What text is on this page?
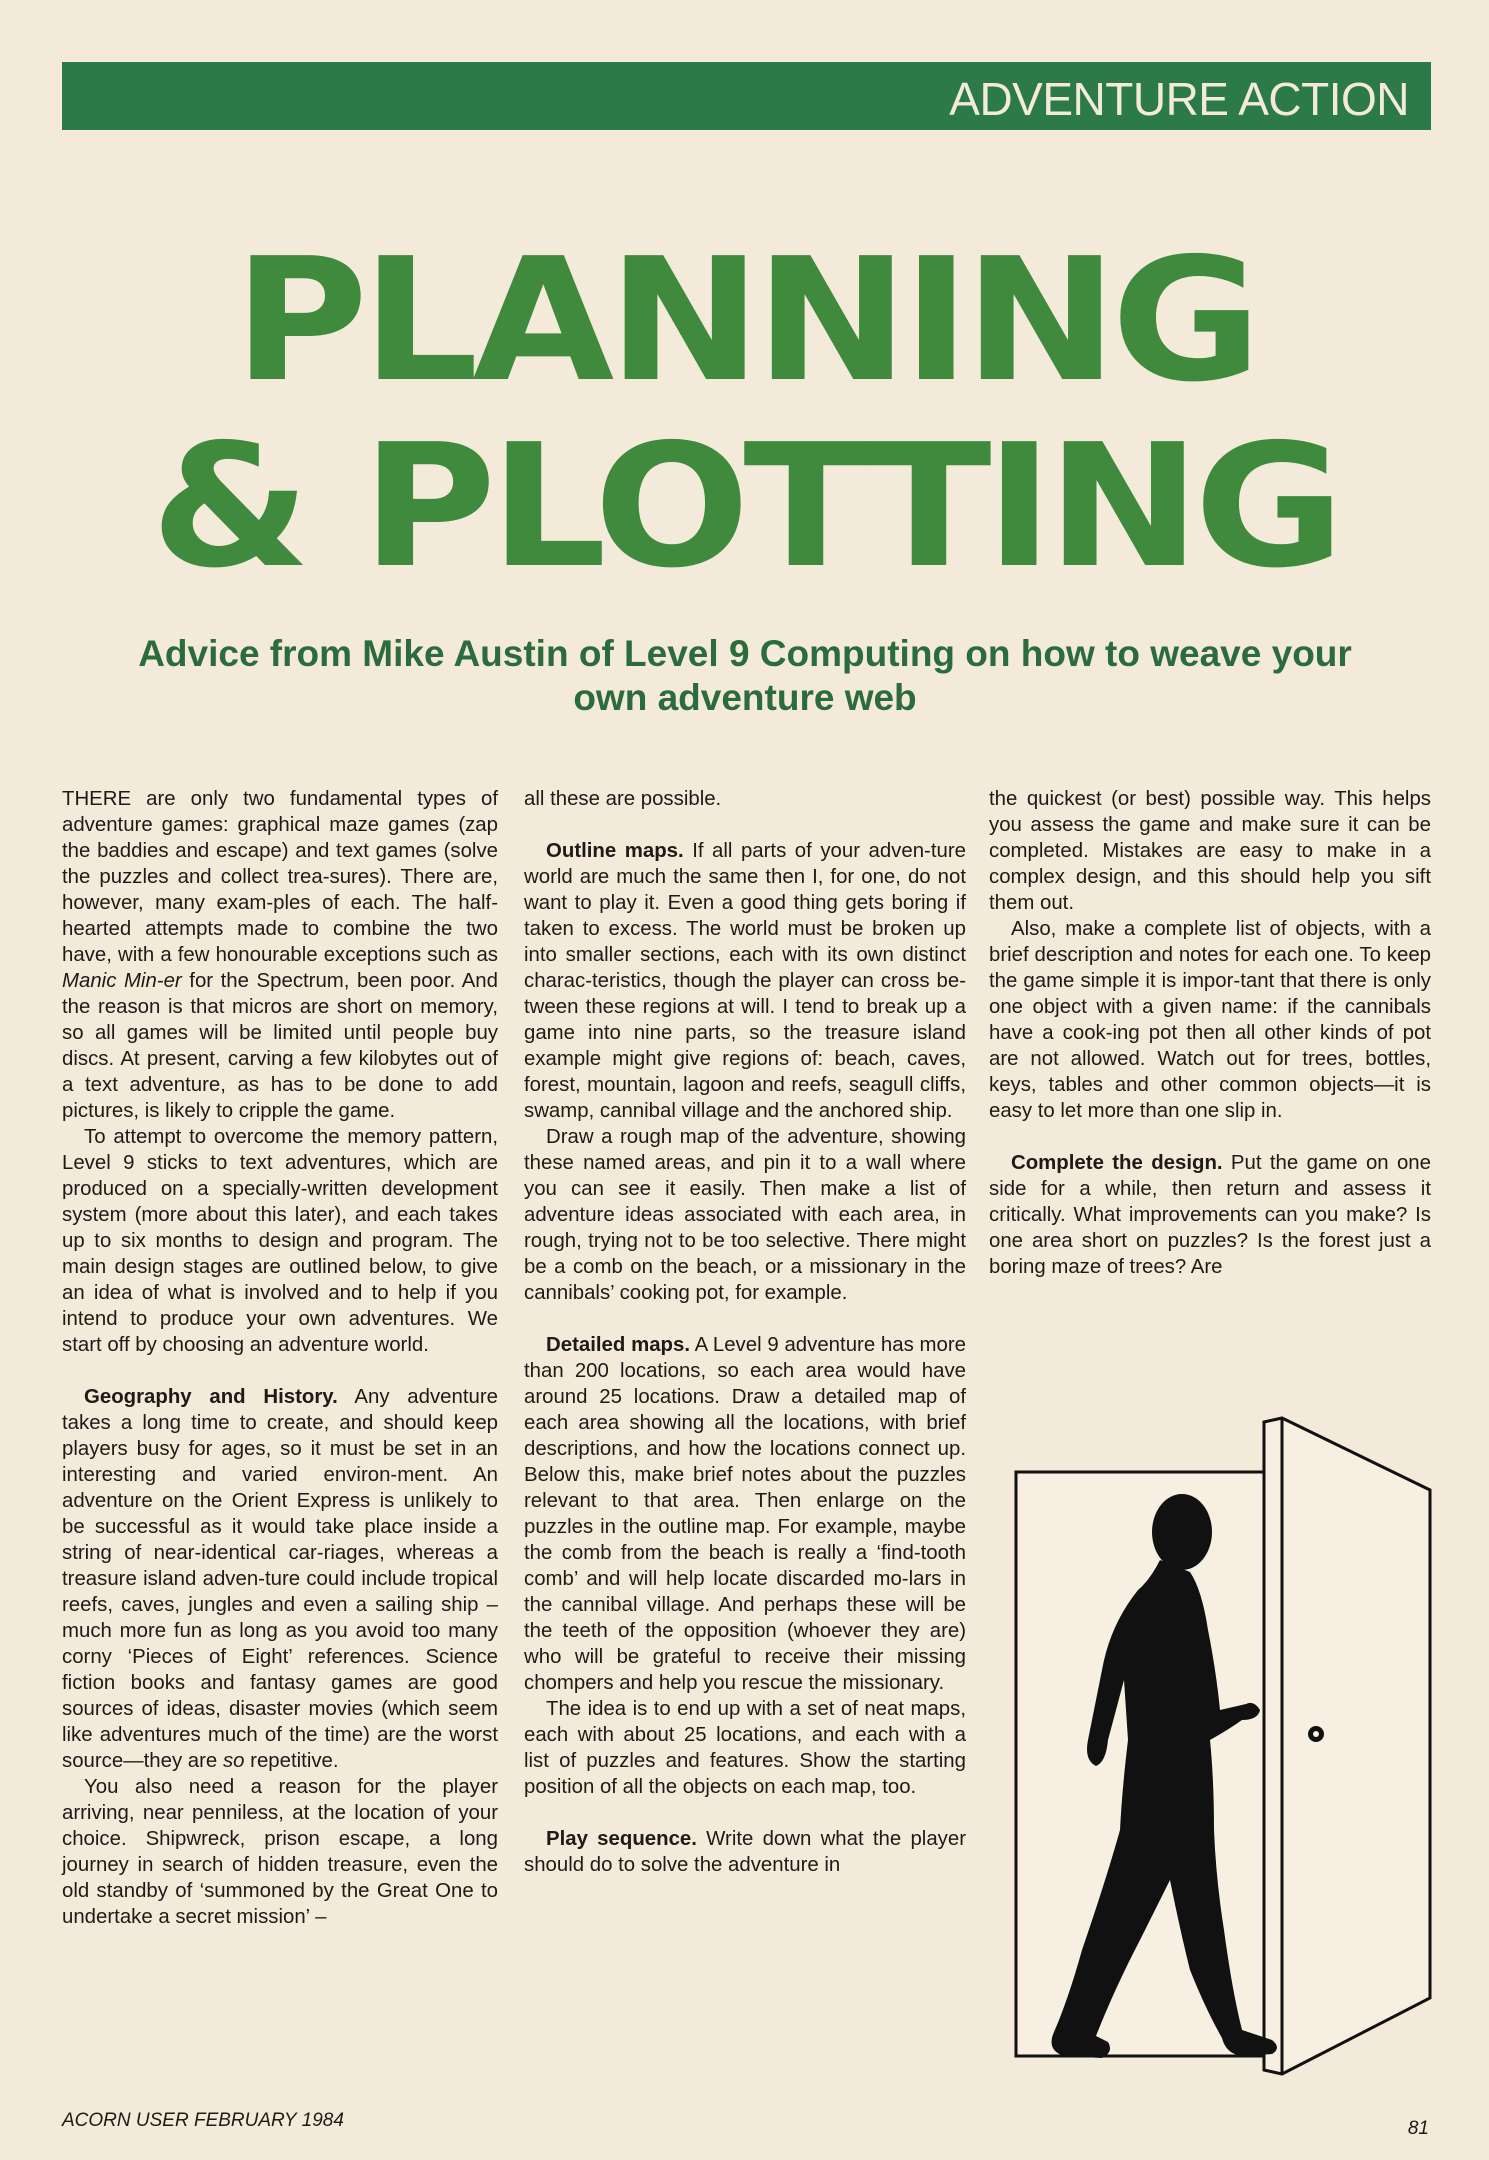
ADVENTURE ACTION
PLANNING
& PLOTTING
Advice from Mike Austin of Level 9 Computing on how to weave your own adventure web

THERE are only two fundamental types of adventure games: graphical maze games (zap the baddies and escape) and text games (solve the puzzles and collect trea-sures). There are, however, many exam-ples of each. The half-hearted attempts made to combine the two have, with a few honourable exceptions such as Manic Min-er for the Spectrum, been poor. And the reason is that micros are short on memory, so all games will be limited until people buy discs. At present, carving a few kilobytes out of a text adventure, as has to be done to add pictures, is likely to cripple the game.

To attempt to overcome the memory pattern, Level 9 sticks to text adventures, which are produced on a specially-written development system (more about this later), and each takes up to six months to design and program. The main design stages are outlined below, to give an idea of what is involved and to help if you intend to produce your own adventures. We start off by choosing an adventure world.

Geography and History. Any adventure takes a long time to create, and should keep players busy for ages, so it must be set in an interesting and varied environ-ment. An adventure on the Orient Express is unlikely to be successful as it would take place inside a string of near-identical car-riages, whereas a treasure island adven-ture could include tropical reefs, caves, jungles and even a sailing ship – much more fun as long as you avoid too many corny ‘Pieces of Eight’ references. Science fiction books and fantasy games are good sources of ideas, disaster movies (which seem like adventures much of the time) are the worst source—they are so repetitive.

You also need a reason for the player arriving, near penniless, at the location of your choice. Shipwreck, prison escape, a long journey in search of hidden treasure, even the old standby of ‘summoned by the Great One to undertake a secret mission’ –

all these are possible.

Outline maps. If all parts of your adven-ture world are much the same then I, for one, do not want to play it. Even a good thing gets boring if taken to excess. The world must be broken up into smaller sections, each with its own distinct charac-teristics, though the player can cross be-tween these regions at will. I tend to break up a game into nine parts, so the treasure island example might give regions of: beach, caves, forest, mountain, lagoon and reefs, seagull cliffs, swamp, cannibal village and the anchored ship.

Draw a rough map of the adventure, showing these named areas, and pin it to a wall where you can see it easily. Then make a list of adventure ideas associated with each area, in rough, trying not to be too selective. There might be a comb on the beach, or a missionary in the cannibals’ cooking pot, for example.

Detailed maps. A Level 9 adventure has more than 200 locations, so each area would have around 25 locations. Draw a detailed map of each area showing all the locations, with brief descriptions, and how the locations connect up. Below this, make brief notes about the puzzles relevant to that area. Then enlarge on the puzzles in the outline map. For example, maybe the comb from the beach is really a ‘find-tooth comb’ and will help locate discarded mo-lars in the cannibal village. And perhaps these will be the teeth of the opposition (whoever they are) who will be grateful to receive their missing chompers and help you rescue the missionary.

The idea is to end up with a set of neat maps, each with about 25 locations, and each with a list of puzzles and features. Show the starting position of all the objects on each map, too.

Play sequence. Write down what the player should do to solve the adventure in

the quickest (or best) possible way. This helps you assess the game and make sure it can be completed. Mistakes are easy to make in a complex design, and this should help you sift them out.

Also, make a complete list of objects, with a brief description and notes for each one. To keep the game simple it is impor-tant that there is only one object with a given name: if the cannibals have a cook-ing pot then all other kinds of pot are not allowed. Watch out for trees, bottles, keys, tables and other common objects—it is easy to let more than one slip in.

Complete the design. Put the game on one side for a while, then return and assess it critically. What improvements can you make? Is one area short on puzzles? Is the forest just a boring maze of trees? Are

ACORN USER FEBRUARY 1984	81
